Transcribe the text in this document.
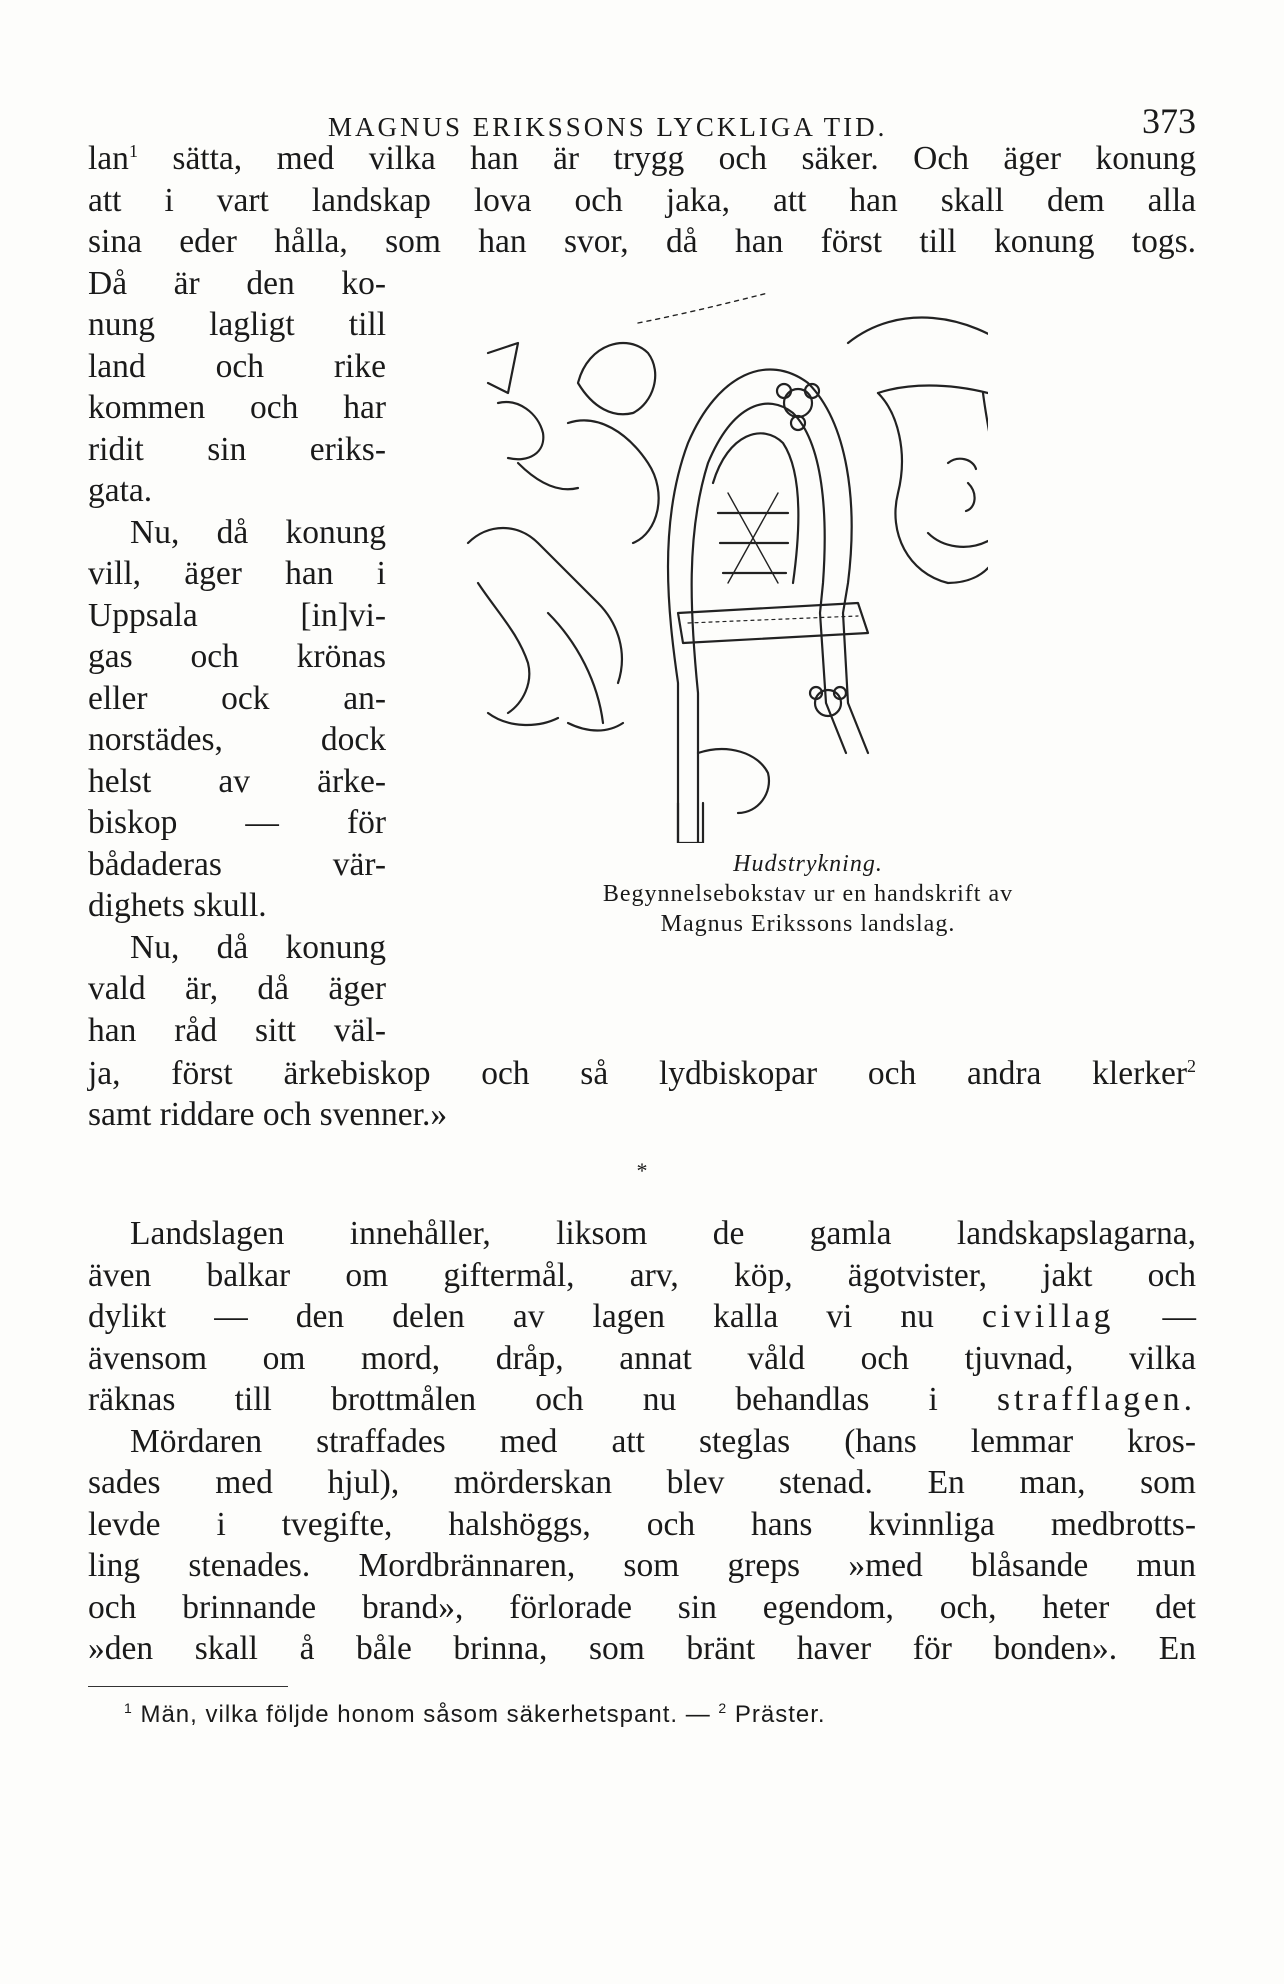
MAGNUS ERIKSSONS LYCKLIGA TID.	373
lan$^1$ sätta, med vilka han är trygg och säker. Och äger konung
att i vart landskap lova och jaka, att han skall dem alla
sina eder hålla, som han svor, då han först till konung togs.
Då är den ko-
nung lagligt till
land och rike
kommen och har
ridit sin eriks-
gata.
Nu, då konung
vill, äger han i
Uppsala [in]vi-
gas och krönas
eller ock an-
norstädes, dock
helst av ärke-
biskop — för
bådaderas vär-
dighets skull.
Nu, då konung
vald är, då äger
han råd sitt väl-
Hudstrykning.
Begynnelsebokstav ur en handskrift av
Magnus Erikssons landslag.
ja, först ärkebiskop och så lydbiskopar och andra klerker$^2$
samt riddare och svenner.»
*
Landslagen innehåller, liksom de gamla landskapslagarna,
även balkar om giftermål, arv, köp, ägotvister, jakt och
dylikt — den delen av lagen kalla vi nu civillag —
ävensom om mord, dråp, annat våld och tjuvnad, vilka
räknas till brottmålen och nu behandlas i strafflagen.
Mördaren straffades med att steglas (hans lemmar kros-
sades med hjul), mörderskan blev stenad. En man, som
levde i tvegifte, halshöggs, och hans kvinnliga medbrotts-
ling stenades. Mordbrännaren, som greps »med blåsande mun
och brinnande brand», förlorade sin egendom, och, heter det
»den skall å båle brinna, som bränt haver för bonden». En
$^1$ Män, vilka följde honom såsom säkerhetspant. — $^2$ Präster.
